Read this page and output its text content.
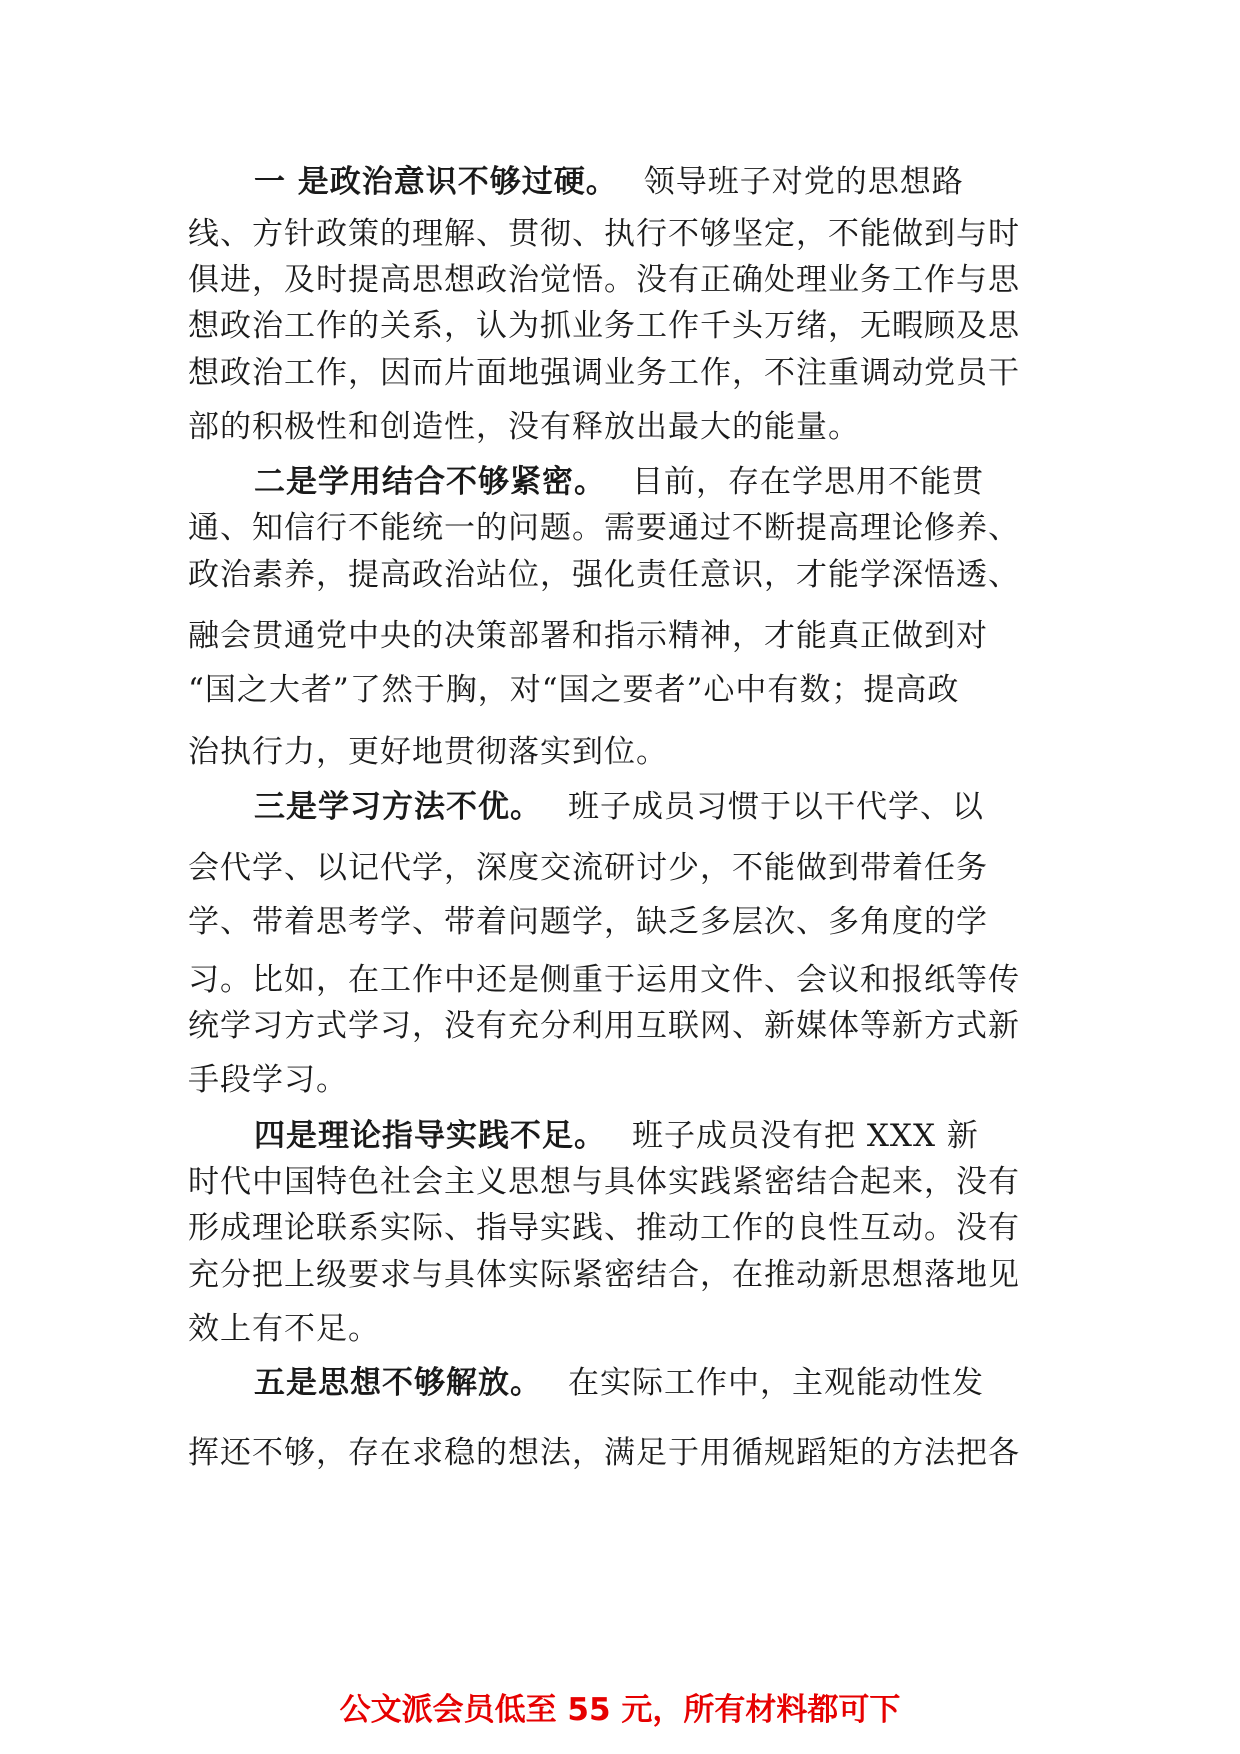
一 是政治意识不够过硬。 领导班子对党的思想路
线、方针政策的理解、贯彻、执行不够坚定，不能做到与时
俱进，及时提高思想政治觉悟。没有正确处理业务工作与思
想政治工作的关系，认为抓业务工作千头万绪，无暇顾及思
想政治工作，因而片面地强调业务工作，不注重调动党员干
部的积极性和创造性，没有释放出最大的能量。
二是学用结合不够紧密。 目前，存在学思用不能贯
通、知信行不能统一的问题。需要通过不断提高理论修养、
政治素养，提高政治站位，强化责任意识，才能学深悟透、
融会贯通党中央的决策部署和指示精神，才能真正做到对
“国之大者”了然于胸，对“国之要者”心中有数；提高政
治执行力，更好地贯彻落实到位。
三是学习方法不优。 班子成员习惯于以干代学、以
会代学、以记代学，深度交流研讨少，不能做到带着任务
学、带着思考学、带着问题学，缺乏多层次、多角度的学
习。比如，在工作中还是侧重于运用文件、会议和报纸等传
统学习方式学习，没有充分利用互联网、新媒体等新方式新
手段学习。
四是理论指导实践不足。 班子成员没有把 XXX 新
时代中国特色社会主义思想与具体实践紧密结合起来，没有
形成理论联系实际、指导实践、推动工作的良性互动。没有
充分把上级要求与具体实际紧密结合，在推动新思想落地见
效上有不足。
五是思想不够解放。 在实际工作中，主观能动性发
挥还不够，存在求稳的想法，满足于用循规蹈矩的方法把各
公文派会员低至 55 元，所有材料都可下
